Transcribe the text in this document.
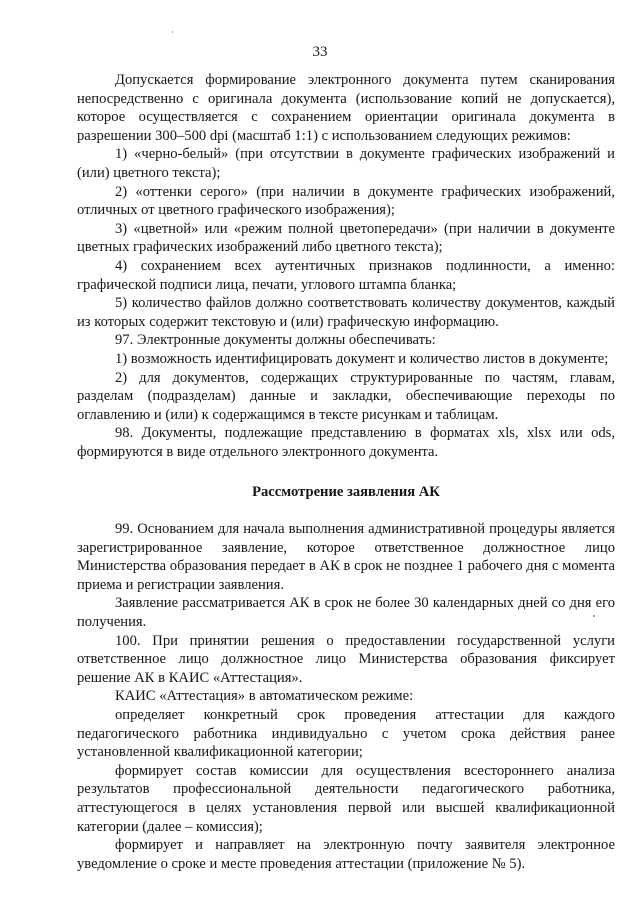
33

Допускается формирование электронного документа путем сканирования непосредственно с оригинала документа (использование копий не допускается), которое осуществляется с сохранением ориентации оригинала документа в разрешении 300–500 dpi (масштаб 1:1) с использованием следующих режимов:

1) «черно-белый» (при отсутствии в документе графических изображений и (или) цветного текста);

2) «оттенки серого» (при наличии в документе графических изображений, отличных от цветного графического изображения);

3) «цветной» или «режим полной цветопередачи» (при наличии в документе цветных графических изображений либо цветного текста);

4) сохранением всех аутентичных признаков подлинности, а именно: графической подписи лица, печати, углового штампа бланка;

5) количество файлов должно соответствовать количеству документов, каждый из которых содержит текстовую и (или) графическую информацию.

97. Электронные документы должны обеспечивать:

1) возможность идентифицировать документ и количество листов в документе;

2) для документов, содержащих структурированные по частям, главам, разделам (подразделам) данные и закладки, обеспечивающие переходы по оглавлению и (или) к содержащимся в тексте рисункам и таблицам.

98. Документы, подлежащие представлению в форматах xls, xlsx или ods, формируются в виде отдельного электронного документа.

Рассмотрение заявления АК

99. Основанием для начала выполнения административной процедуры является зарегистрированное заявление, которое ответственное должностное лицо Министерства образования передает в АК в срок не позднее 1 рабочего дня с момента приема и регистрации заявления.

Заявление рассматривается АК в срок не более 30 календарных дней со дня его получения.

100. При принятии решения о предоставлении государственной услуги ответственное лицо должностное лицо Министерства образования фиксирует решение АК в КАИС «Аттестация».

КАИС «Аттестация» в автоматическом режиме:

определяет конкретный срок проведения аттестации для каждого педагогического работника индивидуально с учетом срока действия ранее установленной квалификационной категории;

формирует состав комиссии для осуществления всестороннего анализа результатов профессиональной деятельности педагогического работника, аттестующегося в целях установления первой или высшей квалификационной категории (далее – комиссия);

формирует и направляет на электронную почту заявителя электронное уведомление о сроке и месте проведения аттестации (приложение № 5).
